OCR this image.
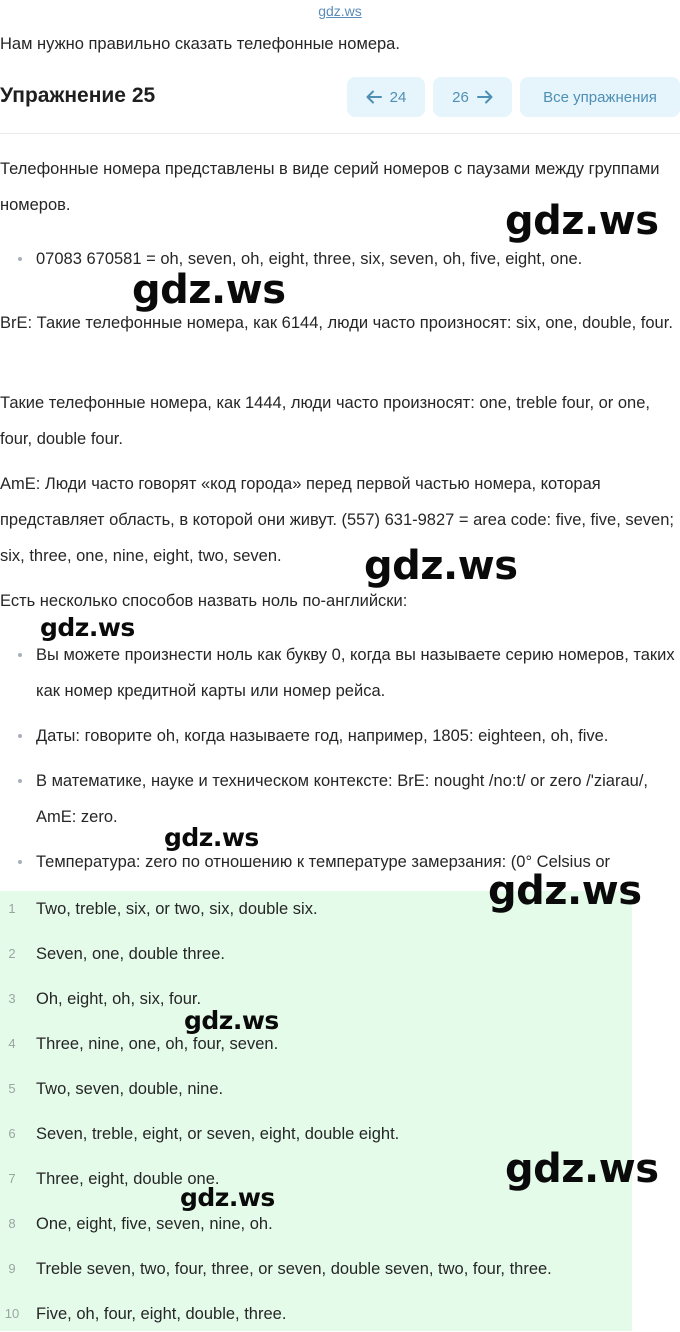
gdz.ws
Нам нужно правильно сказать телефонные номера.
Упражнение 25	24	26	Все упражнения

Телефонные номера представлены в виде серий номеров с паузами между группами номеров.

07083 670581 = oh, seven, oh, eight, three, six, seven, oh, five, eight, one.

BrE: Такие телефонные номера, как 6144, люди часто произносят: six, one, double, four.

Такие телефонные номера, как 1444, люди часто произносят: one, treble four, or one, four, double four.

AmE: Люди часто говорят «код города» перед первой частью номера, которая представляет область, в которой они живут. (557) 631-9827 = area code: five, five, seven; six, three, one, nine, eight, two, seven.

Есть несколько способов назвать ноль по-английски:

Вы можете произнести ноль как букву 0, когда вы называете серию номеров, таких как номер кредитной карты или номер рейса.

Даты: говорите oh, когда называете год, например, 1805: eighteen, oh, five.

В математике, науке и техническом контексте: BrE: nought /no:t/ or zero /'ziarau/, AmE: zero.

Температура: zero по отношению к температуре замерзания: (0° Celsius or

1	Two, treble, six, or two, six, double six.
2	Seven, one, double three.
3	Oh, eight, oh, six, four.
4	Three, nine, one, oh, four, seven.
5	Two, seven, double, nine.
6	Seven, treble, eight, or seven, eight, double eight.
7	Three, eight, double one.
8	One, eight, five, seven, nine, oh.
9	Treble seven, two, four, three, or seven, double seven, two, four, three.
10 Five, oh, four, eight, double, three.
gdz.ws
gdz.ws
gdz.ws
gdz.ws
gdz.ws
gdz.ws
gdz.ws
gdz.ws
gdz.ws
